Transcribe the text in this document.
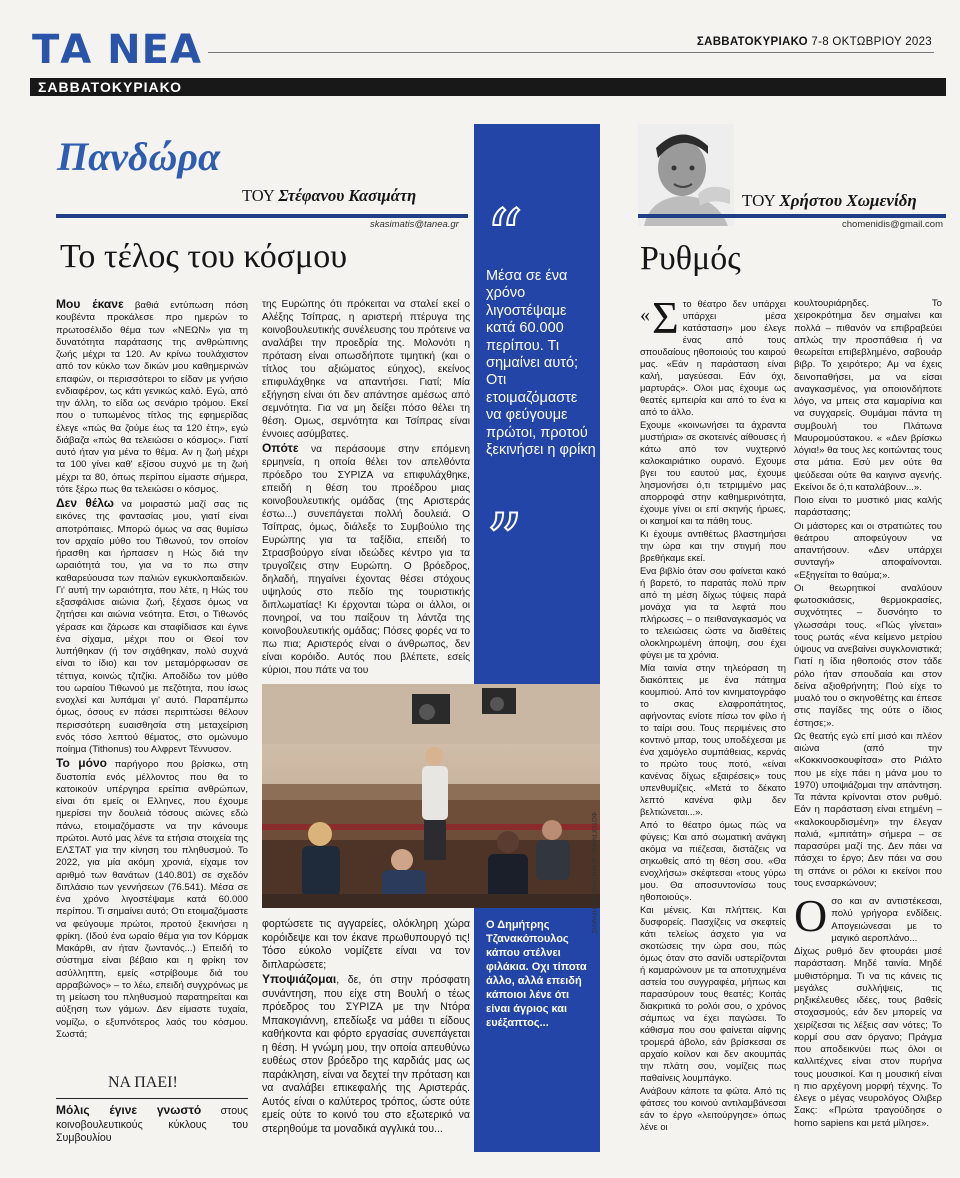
ΤΑ ΝΕΑ	ΣΑΒΒΑΤΟΚΥΡΙΑΚΟ 7-8 ΟΚΤΩΒΡΙΟΥ 2023
ΣΑΒΒΑΤΟΚΥΡΙΑΚΟ
Πανδώρα
ΤΟΥ Στέφανου Κασιμάτη
skasimatis@tanea.gr
Το τέλος του κόσμου

Μου έκανε βαθιά εντύπωση πόση κουβέντα προκάλεσε προ ημερών το πρωτοσέλιδο θέμα των «ΝΕΩΝ» για τη δυνατότητα παράτασης της ανθρώπινης ζωής μέχρι τα 120. Αν κρίνω τουλάχιστον από τον κύκλο των δικών μου καθημερινών επαφών, οι περισσότεροι το είδαν με γνήσιο ενδιαφέρον, ως κάτι γενικώς καλό. Εγώ, από την άλλη, το είδα ως σενάριο τρόμου. Εκεί που ο τυπωμένος τίτλος της εφημερίδας έλεγε «πώς θα ζούμε έως τα 120 έτη», εγώ διάβαζα «πώς θα τελειώσει ο κόσμος». Γιατί αυτό ήταν για μένα το θέμα. Αν η ζωή μέχρι τα 100 γίνει καθ' εξίσου συχνό με τη ζωή μέχρι τα 80, όπως περίπου είμαστε σήμερα, τότε ξέρω πως θα τελειώσει ο κόσμος.

Δεν θέλω να μοιραστώ μαζί σας τις εικόνες της φαντασίας μου, γιατί είναι αποτρόπαιες. Μπορώ όμως να σας θυμίσω τον αρχαίο μύθο του Τιθωνού, τον οποίον ήρασθη και ήρπασεν η Ηώς διά την ωραιότητά του, για να το πω στην καθαρεύουσα των παλιών εγκυκλοπαιδειών. Γι' αυτή την ωραιότητα, που λέτε, η Ηώς του εξασφάλισε αιώνια ζωή, ξέχασε όμως να ζητήσει και αιώνια νεότητα. Ετσι, ο Τιθωνός γέρασε και ζάρωσε και σταφίδιασε και έγινε ένα σίχαμα, μέχρι που οι Θεοί τον λυπήθηκαν (ή τον σιχάθηκαν, πολύ συχνά είναι το ίδιο) και τον μεταμόρφωσαν σε τέττιγα, κοινώς τζιτζίκι. Αποδίδω τον μύθο του ωραίου Τιθωνού με πεζότητα, που ίσως ενοχλεί και λυπάμαι γι' αυτό. Παραπέμπω όμως, όσους εν πάσει περιπτώσει θέλουν περισσότερη ευαισθησία στη μεταχείριση ενός τόσο λεπτού θέματος, στο ομώνυμο ποίημα (Tithonus) του Αλφρεντ Τέννυσον.

Το μόνο παρήγορο που βρίσκω, στη δυστοπία ενός μέλλοντος που θα το κατοικούν υπέργηρα ερείπια ανθρώπων, είναι ότι εμείς οι Ελληνες, που έχουμε ημερίσει την δουλειά τόσους αιώνες εδώ πάνω, ετοιμαζόμαστε να την κάνουμε πρώτοι. Αυτό μας λένε τα ετήσια στοιχεία της ΕΛΣΤΑΤ για την κίνηση του πληθυσμού. Το 2022, για μία ακόμη χρονιά, είχαμε τον αριθμό των θανάτων (140.801) σε σχεδόν διπλάσιο των γεννήσεων (76.541). Μέσα σε ένα χρόνο λιγοστέψαμε κατά 60.000 περίπου. Τι σημαίνει αυτό; Οτι ετοιμαζόμαστε να φεύγουμε πρώτοι, προτού ξεκινήσει η φρίκη. (Ιδού ένα ωραίο θέμα για τον Κόρμακ Μακάρθι, αν ήταν ζωντανός...) Επειδή το σύστημα είναι βέβαιο και η φρίκη τον ασύλληπτη, εμείς «στρίβουμε διά του αρραβώνος» – το λέω, επειδή συγχρόνως με τη μείωση του πληθυσμού παρατηρείται και αύξηση των γάμων. Δεν είμαστε τυχαία, νομίζω, ο εξυπνότερος λαός του κόσμου. Σωστά;

ΝΑ ΠΑΕΙ!

Μόλις έγινε γνωστό στους κοινοβουλευτικούς κύκλους του Συμβουλίου

της Ευρώπης ότι πρόκειται να σταλεί εκεί ο Αλέξης Τσίπρας, η αριστερή πτέρυγα της κοινοβουλευτικής συνέλευσης του πρότεινε να αναλάβει την προεδρία της. Μολονότι η πρόταση είναι οπωσδήποτε τιμητική (και ο τίτλος του αξιώματος εύηχος), εκείνος επιφυλάχθηκε να απαντήσει. Γιατί; Μία εξήγηση είναι ότι δεν απάντησε αμέσως από σεμνότητα. Για να μη δείξει πόσο θέλει τη θέση. Ομως, σεμνότητα και Τσίπρας είναι έννοιες ασύμβατες.

Οπότε να περάσουμε στην επόμενη ερμηνεία, η οποία θέλει τον απελθόντα πρόεδρο του ΣΥΡΙΖΑ να επιφυλάχθηκε, επειδή η θέση του προέδρου μιας κοινοβουλευτικής ομάδας (της Αριστεράς έστω...) συνεπάγεται πολλή δουλειά. Ο Τσίπρας, όμως, διάλεξε το Συμβούλιο της Ευρώπης για τα ταξίδια, επειδή το Στρασβούργο είναι ιδεώδες κέντρο για τα τρυγοΐζεις στην Ευρώπη. Ο βρόεδρος, δηλαδή, πηγαίνει έχοντας θέσει στόχους υψηλούς στο πεδίο της τουριστικής διπλωματίας! Κι έρχονται τώρα οι άλλοι, οι πονηροί, να του παίξουν τη λάντζα της κοινοβουλευτικής ομάδας; Πόσες φορές να το πω πια; Αριστερός είναι ο άνθρωπος, δεν είναι κορόιδο. Αυτός που βλέπετε, εσείς κύριοι, που πάτε να του

φορτώσετε τις αγγαρείες, ολόκληρη χώρα κορόιδεψε και τον έκανε πρωθυπουργό τις! Τόσο εύκολο νομίζετε είναι να τον διπλαρώσετε;

Υποψιάζομαι, δε, ότι στην πρόσφατη συνάντηση, που είχε στη Βουλή ο τέως πρόεδρος του ΣΥΡΙΖΑ με την Ντόρα Μπακογιάννη, επεδίωξε να μάθει τι είδους καθήκοντα και φόρτο εργασίας συνεπάγεται η θέση. Η γνώμη μου, την οποία απευθύνω ευθέως στον βρόεδρο της καρδιάς μας ως παράκληση, είναι να δεχτεί την πρόταση και να αναλάβει επικεφαλής της Αριστεράς. Αυτός είναι ο καλύτερος τρόπος, ώστε ούτε εμείς ούτε το κοινό του στο εξωτερικό να στερηθούμε τα μοναδικά αγγλικά του...

“
Μέσα σε ένα χρόνο λιγοστέψαμε κατά 60.000 περίπου. Τι σημαίνει αυτό; Οτι ετοιμαζόμαστε να φεύγουμε πρώτοι, προτού ξεκινήσει η φρίκη
”
ΦΩΤΟΓΡΑΦΙΑ: ΔΗΜΗΤΡΗΣ ΣΩΤΗΡΑΚΗΣ
Ο Δημήτρης Τζανακόπουλος κάπου στέλνει φιλάκια. Οχι τίποτα άλλο, αλλά επειδή κάποιοι λένε ότι είναι άγριος και ευέξαπτος...
ΤΟΥ Χρήστου Χωμενίδη
chomenidis@gmail.com
Ρυθμός

« Σ το θέατρο δεν υπάρχει υπάρχει μέσα κατάσταση» μου έλεγε ένας από τους σπουδαίους ηθοποιούς του καιρού μας. «Εάν η παράσταση είναι καλή, μαγεύεσαι. Εάν όχι, μαρτυράς». Ολοι μας έχουμε ως θεατές εμπειρία και από το ένα κι από το άλλο.

Εχουμε «κοινωνήσει τα άχραντα μυστήρια» σε σκοτεινές αίθουσες ή κάτω από τον νυχτερινό καλοκαιριάτικο ουρανό. Εχουμε βγει του εαυτού μας, έχουμε λησμονήσει ό,τι τετριμμένο μας απορροφά στην καθημερινότητα, έχουμε γίνει οι επί σκηνής ήρωες, οι καημοί και τα πάθη τους.

Κι έχουμε αντιθέτως βλαστημήσει την ώρα και την στιγμή που βρεθήκαμε εκεί.

Ενα βιβλίο όταν σου φαίνεται κακό ή βαρετό, το παρατάς πολύ πριν από τη μέση δίχως τύψεις παρά μονάχα για τα λεφτά που πλήρωσες – ο πειθαναγκασμός να το τελειώσεις ώστε να διαθέτεις ολοκληρωμένη άποψη, σου έχει φύγει με τα χρόνια.

Μία ταινία στην τηλεόραση τη διακόπτεις με ένα πάτημα κουμπιού. Από τον κινηματογράφο το σκας ελαφροπάτητος, αφήνοντας ενίοτε πίσω τον φίλο ή το ταίρι σου. Τους περιμένεις στο κοντινό μπαρ, τους υποδέχεσαι με ένα χαμόγελο συμπάθειας, κερνάς το πρώτο τους ποτό, «είναι κανένας δίχως εξαιρέσεις» τους υπενθυμίζεις. «Μετά το δέκατο λεπτό κανένα φιλμ δεν βελτιώνεται...».

Από το θέατρο όμως πώς να φύγεις; Και από σωματική ανάγκη ακόμα να πιέζεσαι, διστάζεις να σηκωθείς από τη θέση σου. «Θα ενοχλήσω» σκέφτεσαι «τους γύρω μου. Θα αποσυντονίσω τους ηθοποιούς».

Και μένεις. Και πλήττεις. Και δυσφορείς. Πασχίζεις να σκεφτείς κάτι τελείως άσχετο για να σκοτώσεις την ώρα σου, πώς όμως όταν στο σανίδι υστερίζονται ή καμαρώνουν με τα αποτυχημένα αστεία του συγγραφέα, μήπως και παρασύρουν τους θεατές; Κοιτάς διακριτικά το ρολόι σου, ο χρόνος σάμπως να έχει παγώσει. Το κάθισμα που σου φαίνεται αίφνης τρομερά άβολο, εάν βρίσκεσαι σε αρχαίο κοίλον και δεν ακουμπάς την πλάτη σου, νομίζεις πως παθαίνεις λουμπάγκο.

Ανάβουν κάποτε τα φώτα. Από τις φάτσες του κοινού αντιλαμβάνεσαι εάν το έργο «λειτούργησε» όπως λένε οι

κουλτουριάρηδες. Το χειροκρότημα δεν σημαίνει και πολλά – πιθανόν να επιβραβεύει απλώς την προσπάθεια ή να θεωρείται επιβεβλημένο, σαβουάρ βιβρ. Το χειρότερο; Αμ να έχεις δεινοπαθήσει, μα να είσαι αναγκασμένος, για οποιονδήποτε λόγο, να μπεις στα καμαρίνια και να συγχαρείς. Θυμάμαι πάντα τη συμβουλή του Πλάτωνα Μαυρομούστακου. « «Δεν βρίσκω λόγια!» θα τους λες κοιτώντας τους στα μάτια. Εσύ μεν ούτε θα ψεύδεσαι ούτε θα καιγινσ αγενής. Εκείνοι δε ό,τι καταλάβουν...».

Ποιο είναι το μυστικό μιας καλής παράστασης;

Οι μάστορες και οι στρατιώτες του θεάτρου αποφεύγουν να απαντήσουν. «Δεν υπάρχει συνταγή» αποφαίνονται. «Εξηγείται το θαύμα;».

Οι θεωρητικοί αναλύουν φωτοσκιάσεις, θερμοκρασίες, συχνότητες – δυσνόητο το γλωσσάρι τους. «Πώς γίνεται» τους ρωτάς «ένα κείμενο μετρίου ύψους να ανεβαίνει συγκλονιστικά; Γιατί η ίδια ηθοποιός στον τάδε ρόλο ήταν σπουδαία και στον δείνα αξιοθρήνητη; Πού είχε το μυαλό του ο σκηνοθέτης και έπεσε στις παγίδες της ούτε ο ίδιος έστησε;».

Ως θεατής εγώ επί μισό και πλέον αιώνα (από την «Κοκκινοσκουφίτσα» στο Ριάλτο που με είχε πάει η μάνα μου το 1970) υποψιάζομαι την απάντηση. Τα πάντα κρίνονται στον ρυθμό. Εάν η παράσταση είναι ετημένη – «καλοκουρδισμένη» την έλεγαν παλιά, «μπιτάτη» σήμερα – σε παρασύρει μαζί της. Δεν πάει να πάσχει το έργο; Δεν πάει να σου τη σπάνε οι ρόλοι κι εκείνοι που τους ενσαρκώνουν;

Οσο και αν αντιστέκεσαι, πολύ γρήγορα ενδίδεις. Απογειώνεσαι με το μαγικό αεροπλάνο...

Δίχως ρυθμό δεν φτουράει μισέ παράσταση. Μηδέ ταινία. Μηδέ μυθιστόρημα. Τι να τις κάνεις τις μεγάλες συλλήψεις, τις ρηξικέλευθες ιδέες, τους βαθείς στοχασμούς, εάν δεν μπορείς να χειρίζεσαι τις λέξεις σαν νότες; Το κορμί σου σαν όργανο; Πράγμα που αποδεικνύει πως όλοι οι καλλιτέχνες είναι στον πυρήνα τους μουσικοί. Και η μουσική είναι η πιο αρχέγονη μορφή τέχνης. Το έλεγε ο μέγας νευρολόγος Ολιβερ Σακς: «Πρώτα τραγούδησε ο homo sapiens και μετά μίλησε».
